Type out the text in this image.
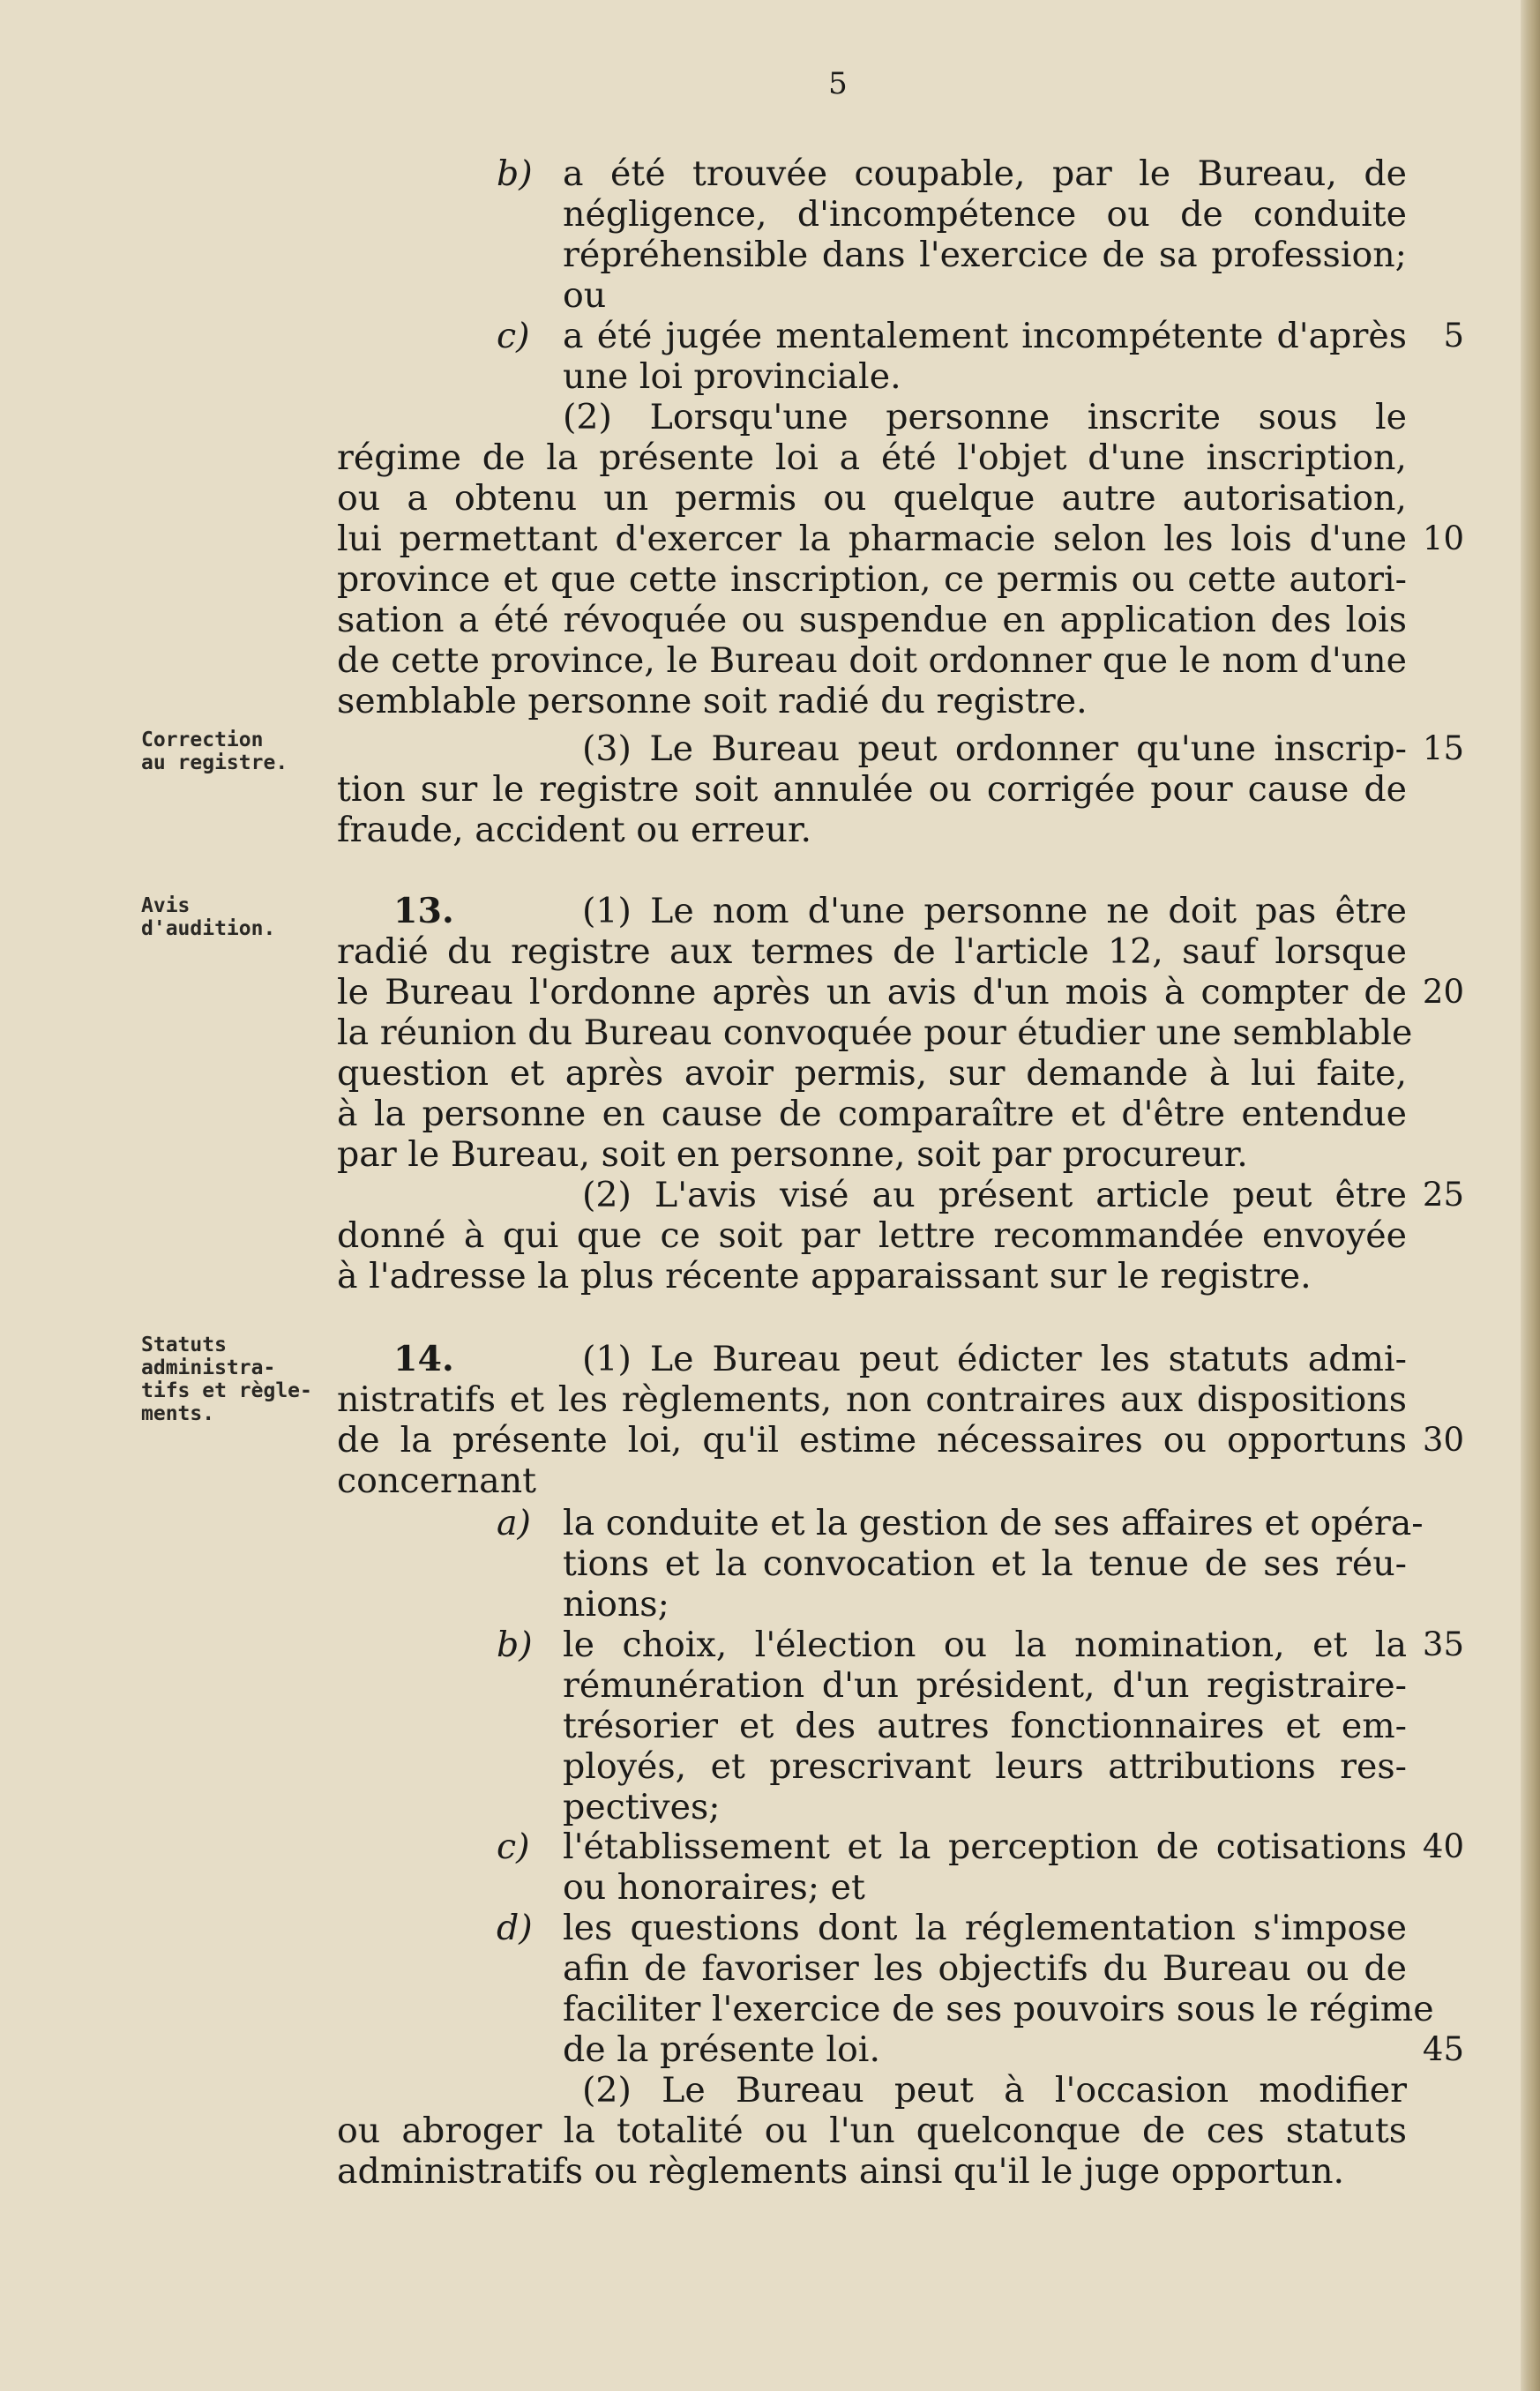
5
Correction
au registre.
Avis
d'audition.
Statuts
administra-
tifs et règle-
ments.
b)
c)
a)
b)
c)
d)
13.
14.
a été trouvée coupable, par le Bureau, de
négligence, d'incompétence ou de conduite
répréhensible dans l'exercice de sa profession;
ou
a été jugée mentalement incompétente d'après
une loi provinciale.
(2) Lorsqu'une personne inscrite sous le
régime de la présente loi a été l'objet d'une inscription,
ou a obtenu un permis ou quelque autre autorisation,
lui permettant d'exercer la pharmacie selon les lois d'une
province et que cette inscription, ce permis ou cette autori-
sation a été révoquée ou suspendue en application des lois
de cette province, le Bureau doit ordonner que le nom d'une
semblable personne soit radié du registre.
(3) Le Bureau peut ordonner qu'une inscrip-
tion sur le registre soit annulée ou corrigée pour cause de
fraude, accident ou erreur.
(1) Le nom d'une personne ne doit pas être
radié du registre aux termes de l'article 12, sauf lorsque
le Bureau l'ordonne après un avis d'un mois à compter de
la réunion du Bureau convoquée pour étudier une semblable
question et après avoir permis, sur demande à lui faite,
à la personne en cause de comparaître et d'être entendue
par le Bureau, soit en personne, soit par procureur.
(2) L'avis visé au présent article peut être
donné à qui que ce soit par lettre recommandée envoyée
à l'adresse la plus récente apparaissant sur le registre.
(1) Le Bureau peut édicter les statuts admi-
nistratifs et les règlements, non contraires aux dispositions
de la présente loi, qu'il estime nécessaires ou opportuns
concernant
la conduite et la gestion de ses affaires et opéra-
tions et la convocation et la tenue de ses réu-
nions;
le choix, l'élection ou la nomination, et la
rémunération d'un président, d'un registraire-
trésorier et des autres fonctionnaires et em-
ployés, et prescrivant leurs attributions res-
pectives;
l'établissement et la perception de cotisations
ou honoraires; et
les questions dont la réglementation s'impose
afin de favoriser les objectifs du Bureau ou de
faciliter l'exercice de ses pouvoirs sous le régime
de la présente loi.
(2) Le Bureau peut à l'occasion modifier
ou abroger la totalité ou l'un quelconque de ces statuts
administratifs ou règlements ainsi qu'il le juge opportun.
5
10
15
20
25
30
35
40
45
